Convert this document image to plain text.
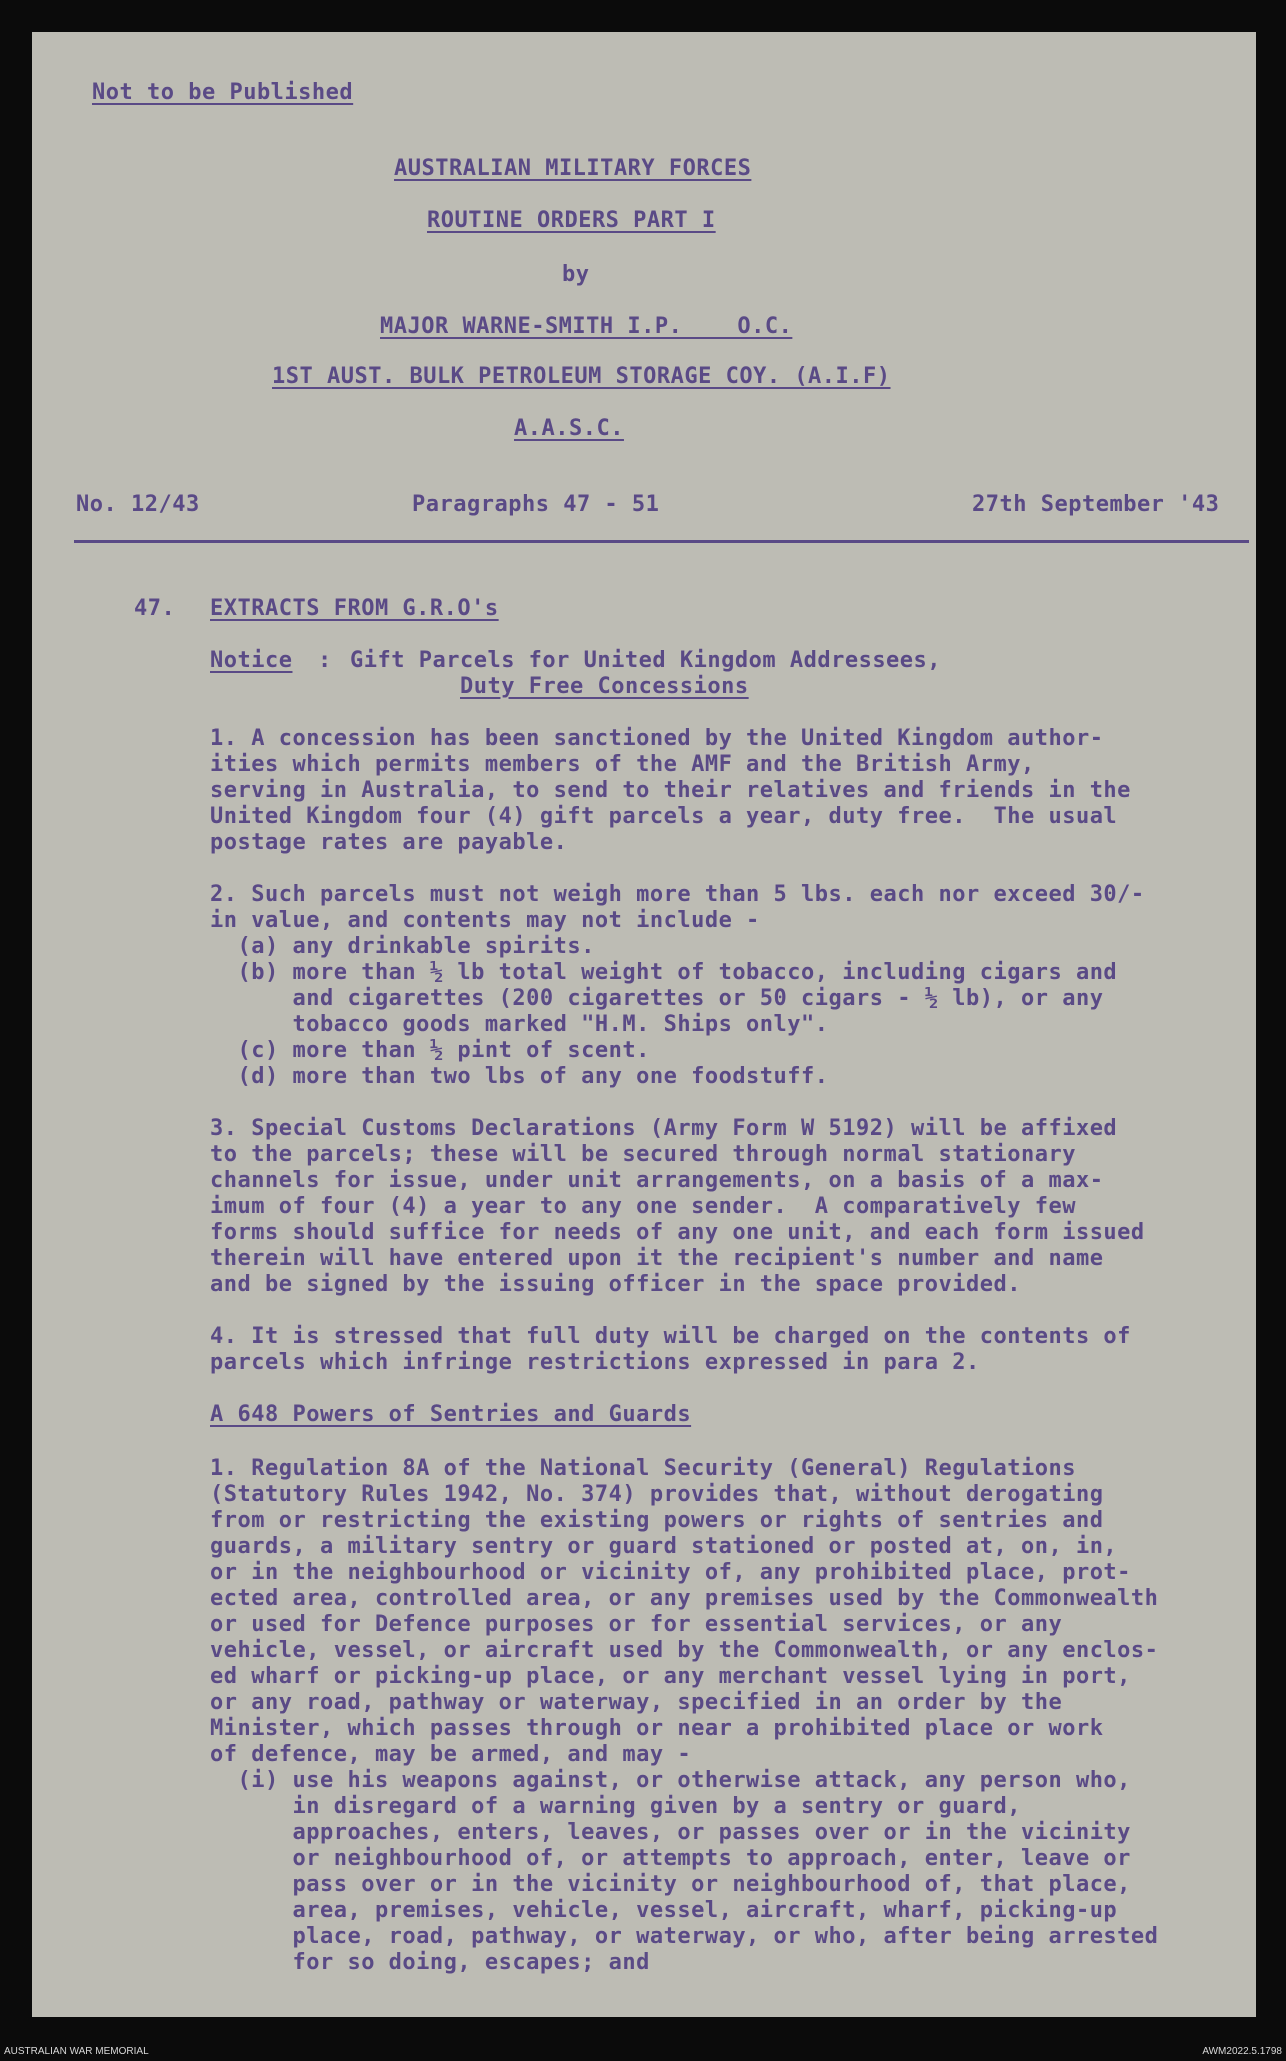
Not to be Published
AUSTRALIAN MILITARY FORCES
ROUTINE ORDERS PART I
by
MAJOR WARNE-SMITH I.P.    O.C.
1ST AUST. BULK PETROLEUM STORAGE COY. (A.I.F)
A.A.S.C.
No. 12/43	Paragraphs 47 - 51	27th September '43
47. EXTRACTS FROM G.R.O's
Notice : Gift Parcels for United Kingdom Addressees,
Duty Free Concessions
1. A concession has been sanctioned by the United Kingdom author-
ities which permits members of the AMF and the British Army,
serving in Australia, to send to their relatives and friends in the
United Kingdom four (4) gift parcels a year, duty free.  The usual
postage rates are payable.
2. Such parcels must not weigh more than 5 lbs. each nor exceed 30/-
in value, and contents may not include -
(a) any drinkable spirits.
(b) more than ½ lb total weight of tobacco, including cigars and
and cigarettes (200 cigarettes or 50 cigars - ½ lb), or any
tobacco goods marked "H.M. Ships only".
(c) more than ½ pint of scent.
(d) more than two lbs of any one foodstuff.
3. Special Customs Declarations (Army Form W 5192) will be affixed
to the parcels; these will be secured through normal stationary
channels for issue, under unit arrangements, on a basis of a max-
imum of four (4) a year to any one sender.  A comparatively few
forms should suffice for needs of any one unit, and each form issued
therein will have entered upon it the recipient's number and name
and be signed by the issuing officer in the space provided.
4. It is stressed that full duty will be charged on the contents of
parcels which infringe restrictions expressed in para 2.
A 648 Powers of Sentries and Guards
1. Regulation 8A of the National Security (General) Regulations
(Statutory Rules 1942, No. 374) provides that, without derogating
from or restricting the existing powers or rights of sentries and
guards, a military sentry or guard stationed or posted at, on, in,
or in the neighbourhood or vicinity of, any prohibited place, prot-
ected area, controlled area, or any premises used by the Commonwealth
or used for Defence purposes or for essential services, or any
vehicle, vessel, or aircraft used by the Commonwealth, or any enclos-
ed wharf or picking-up place, or any merchant vessel lying in port,
or any road, pathway or waterway, specified in an order by the
Minister, which passes through or near a prohibited place or work
of defence, may be armed, and may -
(i) use his weapons against, or otherwise attack, any person who,
in disregard of a warning given by a sentry or guard,
approaches, enters, leaves, or passes over or in the vicinity
or neighbourhood of, or attempts to approach, enter, leave or
pass over or in the vicinity or neighbourhood of, that place,
area, premises, vehicle, vessel, aircraft, wharf, picking-up
place, road, pathway, or waterway, or who, after being arrested
for so doing, escapes; and
AUSTRALIAN WAR MEMORIAL	AWM2022.5.1798
